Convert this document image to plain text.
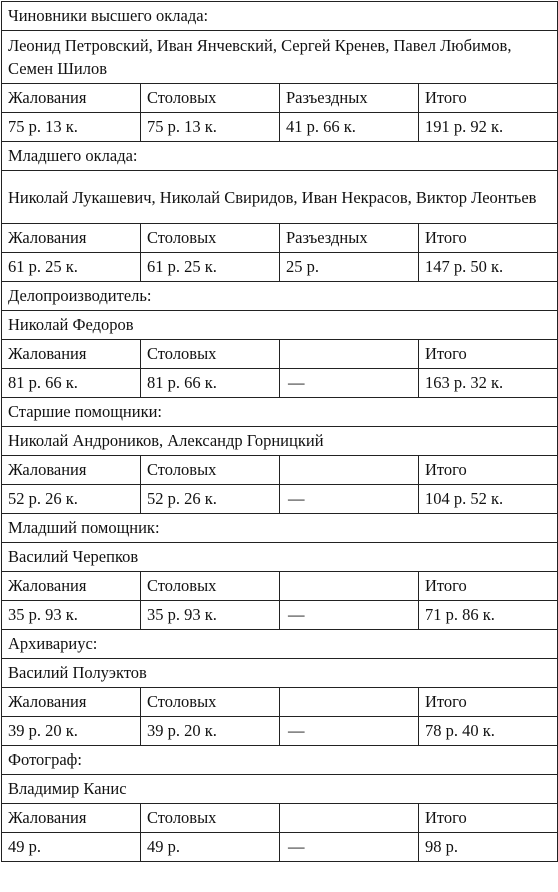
Чиновники высшего оклада:			
Леонид Петровский, Иван Янчевский, Сергей Кренев, Павел Любимов, Семен Шилов			
Жалования	Столовых	Разъездных	Итого
75 р. 13 к.	75 р. 13 к.	41 р. 66 к.	191 р. 92 к.
Младшего оклада:			
Николай Лукашевич, Николай Свиридов, Иван Некрасов, Виктор Леонтьев			
Жалования	Столовых	Разъездных	Итого
61 р. 25 к.	61 р. 25 к.	25 р.	147 р. 50 к.
Делопроизводитель:			
Николай Федоров			
Жалования	Столовых		Итого
81 р. 66 к.	81 р. 66 к.	—	163 р. 32 к.
Старшие помощники:			
Николай Андроников, Александр Горницкий			
Жалования	Столовых		Итого
52 р. 26 к.	52 р. 26 к.	—	104 р. 52 к.
Младший помощник:			
Василий Черепков			
Жалования	Столовых		Итого
35 р. 93 к.	35 р. 93 к.	—	71 р. 86 к.
Архивариус:			
Василий Полуэктов			
Жалования	Столовых		Итого
39 р. 20 к.	39 р. 20 к.	—	78 р. 40 к.
Фотограф:			
Владимир Канис			
Жалования	Столовых		Итого
49 р.	49 р.	—	98 р.
